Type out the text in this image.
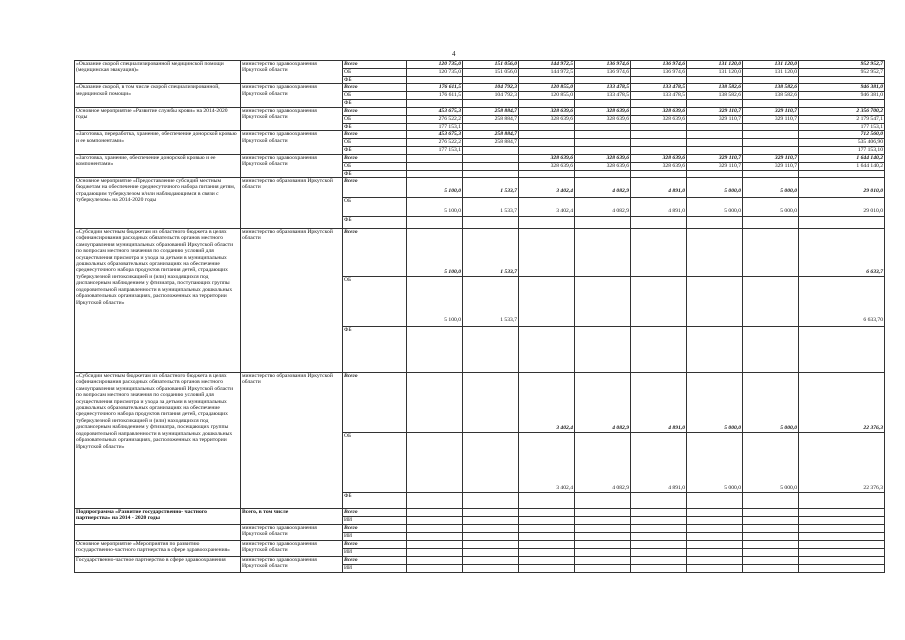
4
«Оказание скорой специализированной медицинской помощи (медицинская эвакуация)»	министерство здравоохранения Иркутской области	Всего	120 735,0	151 056,0	144 972,5	136 974,6	136 974,6	131 120,0	131 120,0	952 952,7
		ОБ	120 735,0	151 056,0	144 972,5	136 974,6	136 974,6	131 120,0	131 120,0	952 952,7
		ФБ								
«Оказание скорой, в том числе скорой специализированной, медицинской помощи»	министерство здравоохранения Иркутской области	Всего	176 611,5	104 792,3	120 855,0	133 478,5	133 478,5	138 582,6	138 582,6	946 381,0
		ОБ	176 611,5	104 792,3	120 855,0	133 478,5	133 478,5	138 582,6	138 582,6	946 381,0
		ФБ								
Основное мероприятие «Развитие службы крови» на 2014-2020 годы	министерство здравоохранения Иркутской области	Всего	453 675,3	258 884,7	328 639,6	328 639,6	328 639,6	329 110,7	329 110,7	2 356 700,2
		ОБ	276 522,2	258 884,7	328 639,6	328 639,6	328 639,6	329 110,7	329 110,7	2 179 547,1
		ФБ	177 153,1							177 153,1
«Заготовка, переработка, хранение, обеспечение донорской кровью и ее компонентами»	министерство здравоохранения Иркутской области	Всего	453 675,3	258 884,7						712 560,0
		ОБ	276 522,2	258 884,7						535 406,90
		ФБ	177 153,1							177 153,10
«Заготовка, хранение, обеспечение донорской кровью и ее компонентами»	министерство здравоохранения Иркутской области	Всего			328 639,6	328 639,6	328 639,6	329 110,7	329 110,7	1 644 140,2
		ОБ			328 639,6	328 639,6	328 639,6	329 110,7	329 110,7	1 644 140,2
		ФБ								
Основное мероприятие «Предоставление субсидий местным бюджетам на обеспечение среднесуточного набора питания детям, страдающим туберкулезом и/или наблюдающимся в связи с туберкулезом» на 2014-2020 годы	министерство образования Иркутской области	Всего	5 100,0	1 533,7	3 402,4	4 082,9	4 891,0	5 000,0	5 000,0	29 010,0
		ОБ	5 100,0	1 533,7	3 402,4	4 082,9	4 891,0	5 000,0	5 000,0	29 010,0
		ФБ								
«Субсидии местным бюджетам из областного бюджета в целях софинансирования расходных обязательств органов местного самоуправления муниципальных образований Иркутской области по вопросам местного значения по созданию условий для осуществления присмотра и ухода за детьми в муниципальных дошкольных образовательных организациях на обеспечение среднесуточного набора продуктов питания детей, страдающих туберкулезной интоксикацией и (или) находящихся под диспансерным наблюдением у фтизиатра, поступающих группы оздоровительной направленности в муниципальных дошкольных образовательных организациях, расположенных на территории Иркутской области»	министерство образования Иркутской области	Всего	5 100,0	1 533,7						6 633,7
		ОБ	5 100,0	1 533,7						6 633,70
		ФБ								
«Субсидии местным бюджетам из областного бюджета в целях софинансирования расходных обязательств органов местного самоуправления муниципальных образований Иркутской области по вопросам местного значения по созданию условий для осуществления присмотра и ухода за детьми в муниципальных дошкольных образовательных организациях на обеспечение среднесуточного набора продуктов питания детей, страдающих туберкулезной интоксикацией и (или) находящихся под диспансерным наблюдением у фтизиатра, посещающих группы оздоровительной направленности в муниципальных дошкольных образовательных организациях, расположенных на территории Иркутской области»	министерство образования Иркутской области	Всего			3 402,4	4 082,9	4 891,0	5 000,0	5 000,0	22 376,3
		ОБ			3 402,4	4 082,9	4 891,0	5 000,0	5 000,0	22 376,3
		ФБ								
Подпрограмма «Развитие государственно- частного партнерства» на 2014 - 2020 годы	Всего, в том числе	Всего								
		ИИ								
	министерство здравоохранения Иркутской области	Всего								
		ИИ								
Основное мероприятие «Мероприятия по развитию государственно-частного партнерства в сфере здравоохранения»	министерство здравоохранения Иркутской области	Всего								
		ИИ								
Государственно-частное партнерство в сфере здравоохранения	министерство здравоохранения Иркутской области	Всего								
		ИИ								
